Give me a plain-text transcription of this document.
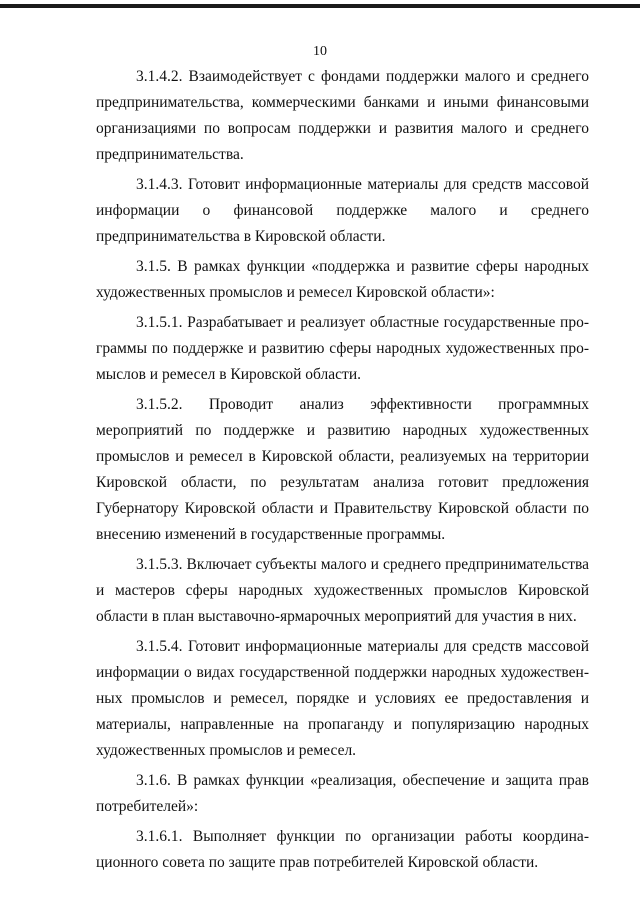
10

3.1.4.2. Взаимодействует с фондами поддержки малого и среднего предпринимательства, коммерческими банками и иными финансовыми организациями по вопросам поддержки и развития малого и среднего предпринимательства.

3.1.4.3. Готовит информационные материалы для средств массовой информации о финансовой поддержке малого и среднего предпринимательства в Кировской области.

3.1.5. В рамках функции «поддержка и развитие сферы народных художественных промыслов и ремесел Кировской области»:

3.1.5.1. Разрабатывает и реализует областные государственные программы по поддержке и развитию сферы народных художественных промыслов и ремесел в Кировской области.

3.1.5.2. Проводит анализ эффективности программных мероприятий по поддержке и развитию народных художественных промыслов и ремесел в Кировской области, реализуемых на территории Кировской области, по результатам анализа готовит предложения Губернатору Кировской области и Правительству Кировской области по внесению изменений в государственные программы.

3.1.5.3. Включает субъекты малого и среднего предпринимательства и мастеров сферы народных художественных промыслов Кировской области в план выставочно-ярмарочных мероприятий для участия в них.

3.1.5.4. Готовит информационные материалы для средств массовой информации о видах государственной поддержки народных художественных промыслов и ремесел, порядке и условиях ее предоставления и материалы, направленные на пропаганду и популяризацию народных художественных промыслов и ремесел.

3.1.6. В рамках функции «реализация, обеспечение и защита прав потребителей»:

3.1.6.1. Выполняет функции по организации работы координационного совета по защите прав потребителей Кировской области.
